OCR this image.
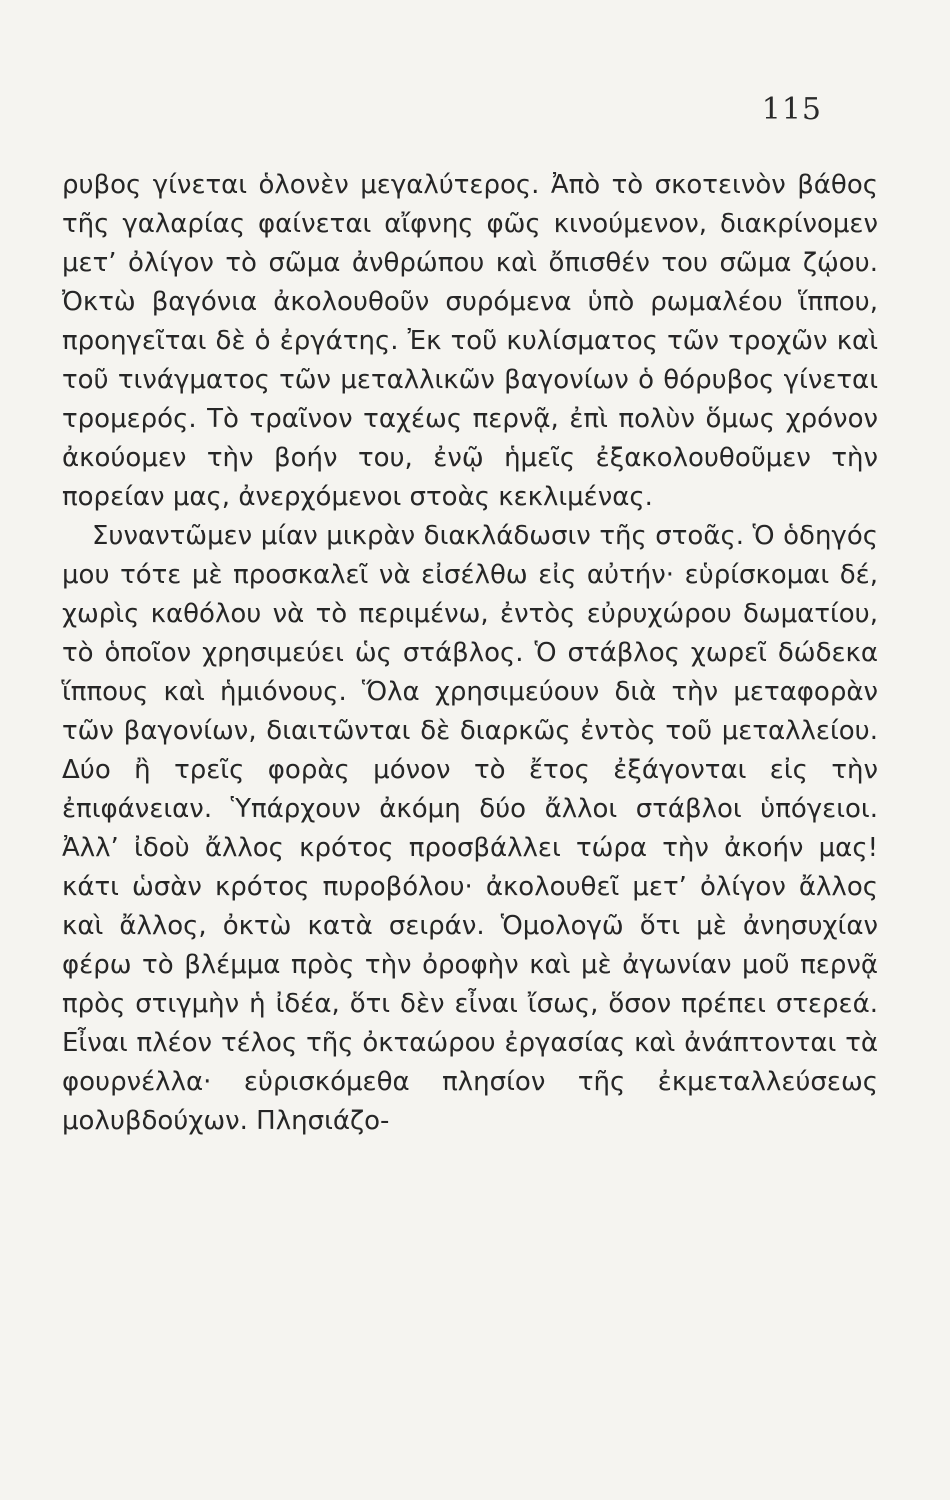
115

ρυβος γίνεται ὁλονὲν μεγαλύτερος. Ἀπὸ τὸ σκοτεινὸν βάθος τῆς γαλαρίας φαίνεται αἴφνης φῶς κινούμενον, διακρίνομεν μετ’ ὀλίγον τὸ σῶμα ἀνθρώπου καὶ ὄπισθέν του σῶμα ζῴου. Ὀκτὼ βαγόνια ἀκολουθοῦν συρόμενα ὑπὸ ρωμαλέου ἵππου, προηγεῖται δὲ ὁ ἐργάτης. Ἐκ τοῦ κυλίσματος τῶν τροχῶν καὶ τοῦ τινάγματος τῶν μεταλλικῶν βαγονίων ὁ θόρυβος γίνεται τρομερός. Τὸ τραῖνον ταχέως περνᾷ, ἐπὶ πολὺν ὅμως χρόνον ἀκούομεν τὴν βοήν του, ἐνῷ ἡμεῖς ἐξακολουθοῦμεν τὴν πορείαν μας, ἀνερχόμενοι στοὰς κεκλιμένας.

Συναντῶμεν μίαν μικρὰν διακλάδωσιν τῆς στοᾶς. Ὁ ὁδηγός μου τότε μὲ προσκαλεῖ νὰ εἰσέλθω εἰς αὐτήν· εὑρίσκομαι δέ, χωρὶς καθόλου νὰ τὸ περιμένω, ἐντὸς εὐρυχώρου δωματίου, τὸ ὁποῖον χρησιμεύει ὡς στάβλος. Ὁ στάβλος χωρεῖ δώδεκα ἵππους καὶ ἡμιόνους. Ὅλα χρησιμεύουν διὰ τὴν μεταφορὰν τῶν βαγονίων, διαιτῶνται δὲ διαρκῶς ἐντὸς τοῦ μεταλλείου. Δύο ἢ τρεῖς φορὰς μόνον τὸ ἔτος ἐξάγονται εἰς τὴν ἐπιφάνειαν. Ὑπάρχουν ἀκόμη δύο ἄλλοι στάβλοι ὑπόγειοι. Ἀλλ’ ἰδοὺ ἄλλος κρότος προσβάλλει τώρα τὴν ἀκοήν μας! κάτι ὡσὰν κρότος πυροβόλου· ἀκολουθεῖ μετ’ ὀλίγον ἄλλος καὶ ἄλλος, ὀκτὼ κατὰ σειράν. Ὁμολογῶ ὅτι μὲ ἀνησυχίαν φέρω τὸ βλέμμα πρὸς τὴν ὀροφὴν καὶ μὲ ἀγωνίαν μοῦ περνᾷ πρὸς στιγμὴν ἡ ἰδέα, ὅτι δὲν εἶναι ἴσως, ὅσον πρέπει στερεά. Εἶναι πλέον τέλος τῆς ὀκταώρου ἐργασίας καὶ ἀνάπτονται τὰ φουρνέλλα· εὑρισκόμεθα πλησίον τῆς ἐκμεταλλεύσεως μολυβδούχων. Πλησιάζο-
